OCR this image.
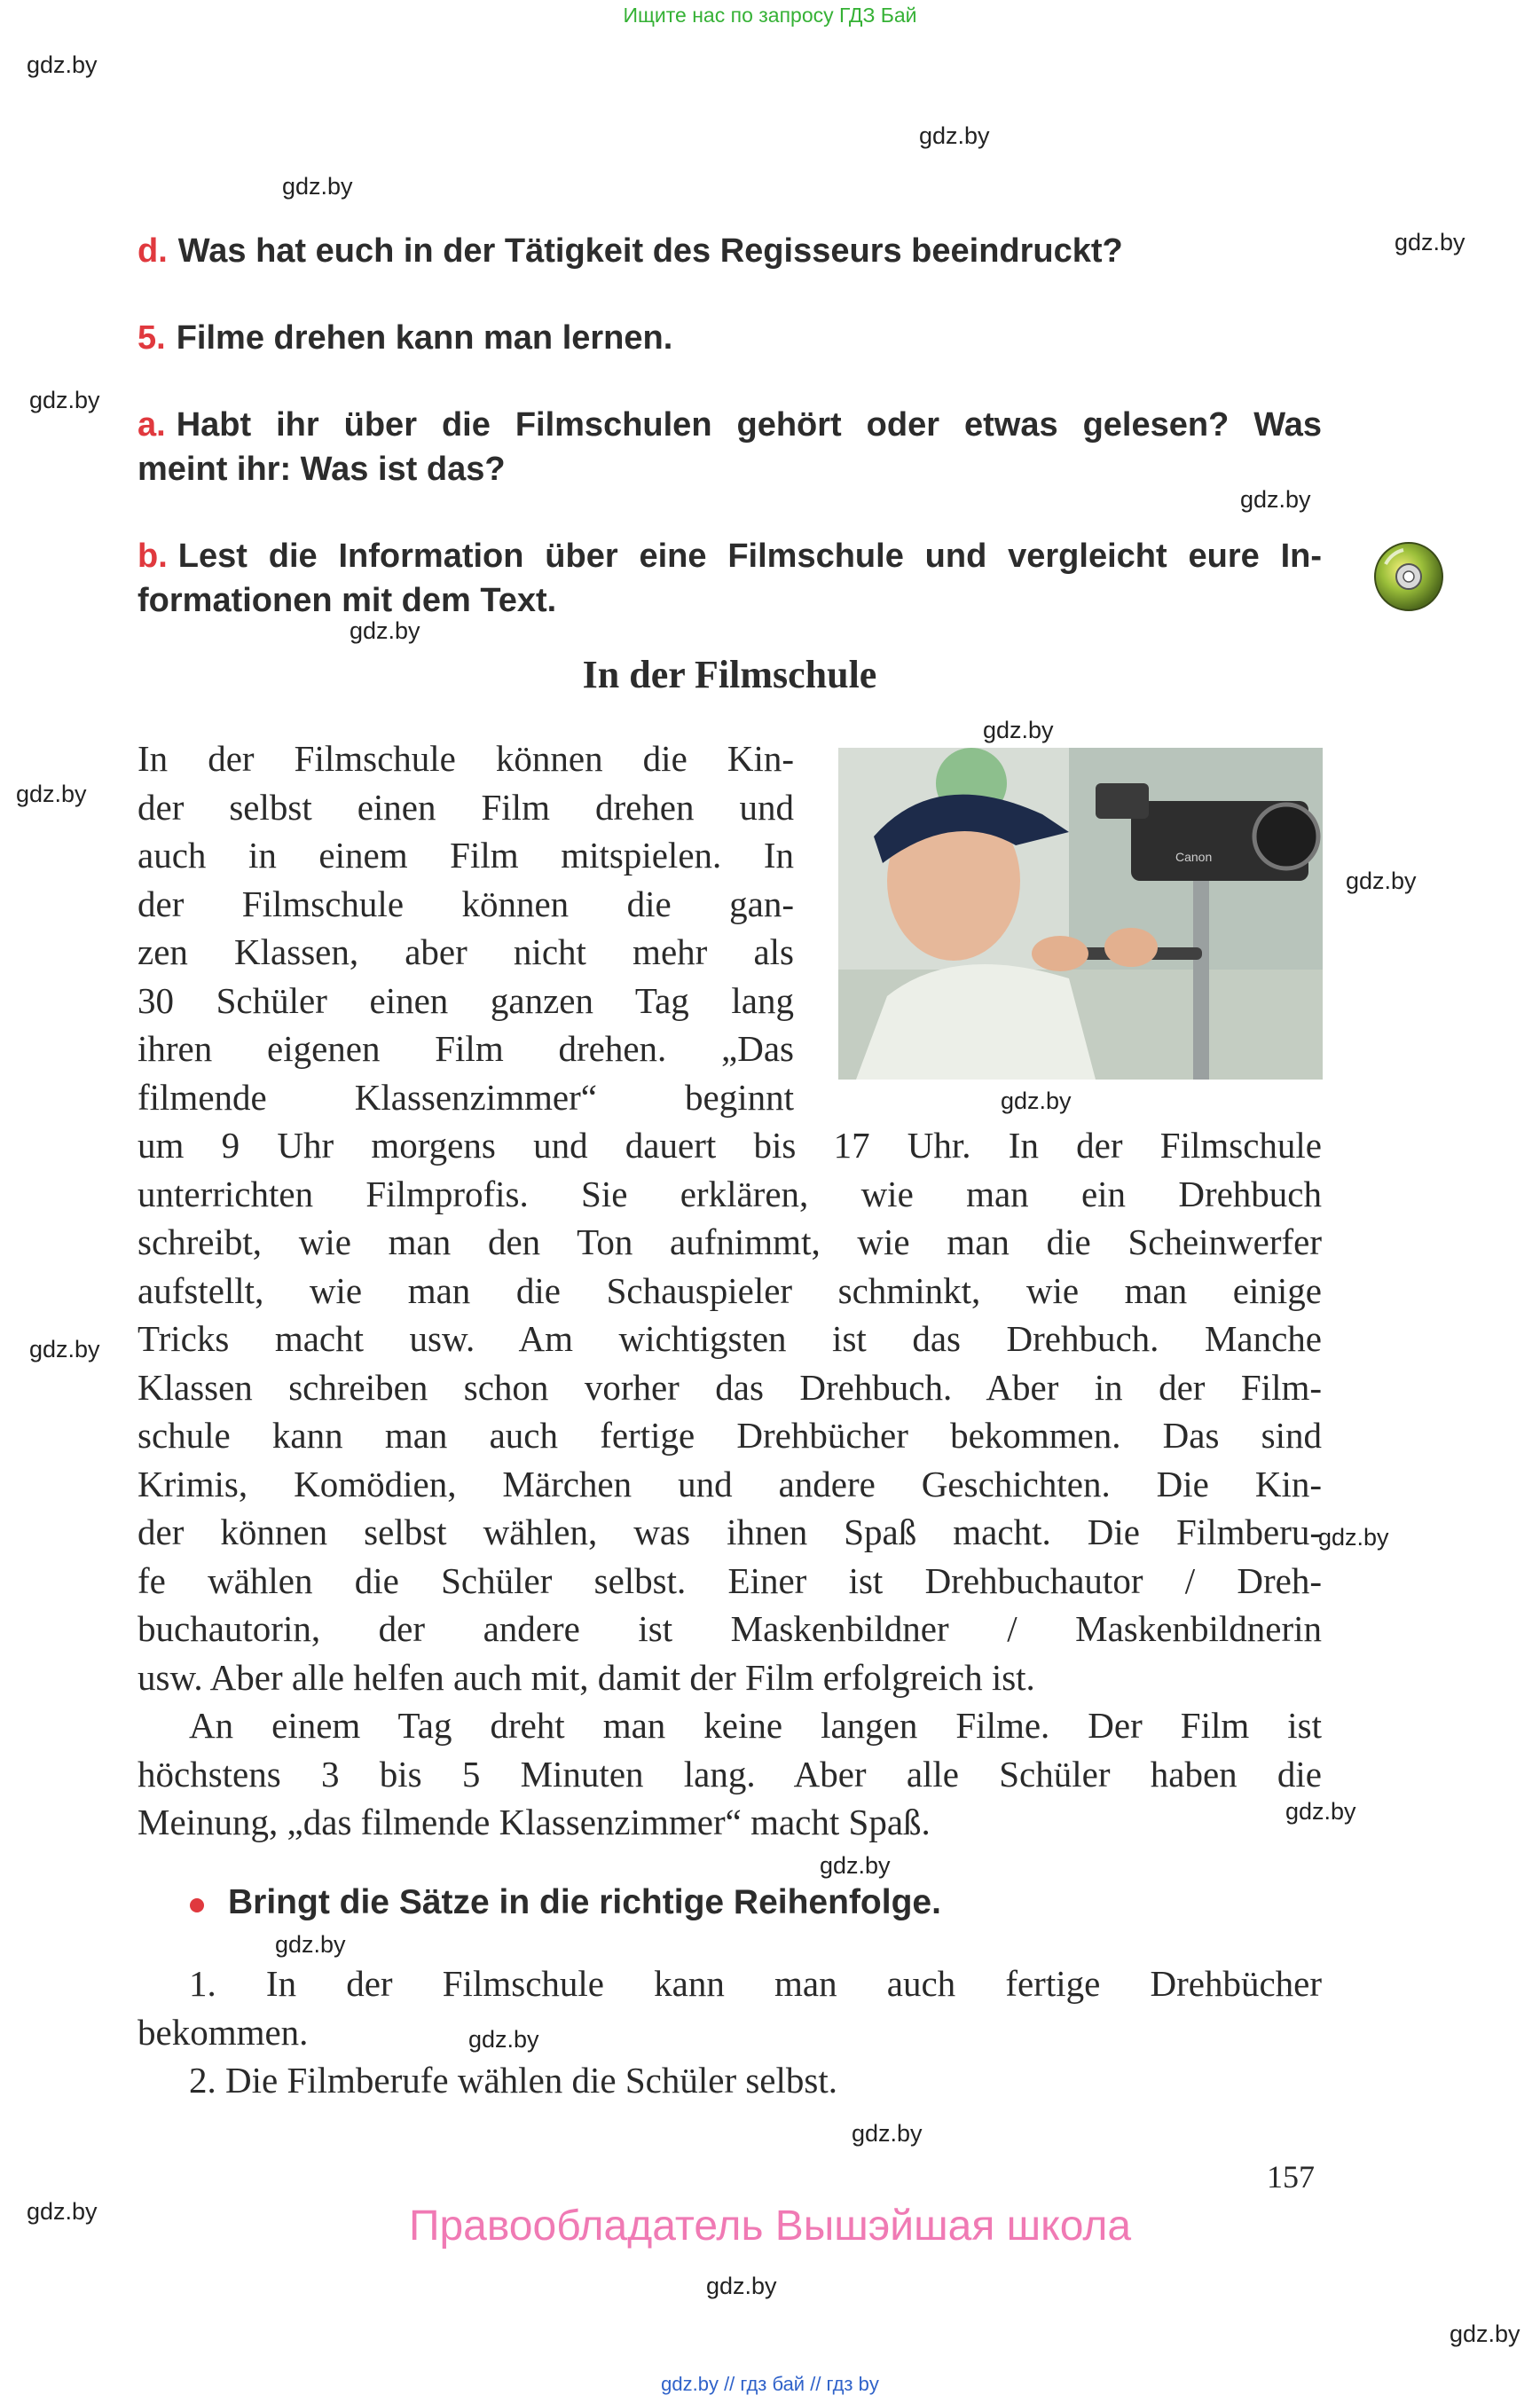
Ищите нас по запросу ГДЗ Бай
gdz.by
gdz.by
gdz.by
gdz.by
gdz.by
gdz.by
gdz.by
gdz.by
gdz.by
gdz.by
gdz.by
gdz.by
gdz.by
gdz.by
gdz.by
gdz.by
gdz.by
gdz.by
gdz.by
gdz.by
gdz.by
d. Was hat euch in der Tätigkeit des Regisseurs beeindruckt?
5. Filme drehen kann man lernen.
a. Habt ihr über die Filmschulen gehört oder etwas gelesen? Was
meint ihr: Was ist das?
b. Lest die Information über eine Filmschule und vergleicht eure In-
formationen mit dem Text.
In der Filmschule
Canon
In der Filmschule können die Kin-
der selbst einen Film drehen und
auch in einem Film mitspielen. In
der Filmschule können die gan-
zen Klassen, aber nicht mehr als
30 Schüler einen ganzen Tag lang
ihren eigenen Film drehen. „Das
filmende Klassenzimmer“ beginnt
um 9 Uhr morgens und dauert bis 17 Uhr. In der Filmschule
unterrichten Filmprofis. Sie erklären, wie man ein Drehbuch
schreibt, wie man den Ton aufnimmt, wie man die Scheinwerfer
aufstellt, wie man die Schauspieler schminkt, wie man einige
Tricks macht usw. Am wichtigsten ist das Drehbuch. Manche
Klassen schreiben schon vorher das Drehbuch. Aber in der Film-
schule kann man auch fertige Drehbücher bekommen. Das sind
Krimis, Komödien, Märchen und andere Geschichten. Die Kin-
der können selbst wählen, was ihnen Spaß macht. Die Filmberu-
fe wählen die Schüler selbst. Einer ist Drehbuchautor / Dreh-
buchautorin, der andere ist Maskenbildner / Maskenbildnerin
usw. Aber alle helfen auch mit, damit der Film erfolgreich ist.
An einem Tag dreht man keine langen Filme. Der Film ist
höchstens 3 bis 5 Minuten lang. Aber alle Schüler haben die
Meinung, „das filmende Klassenzimmer“ macht Spaß.
Bringt die Sätze in die richtige Reihenfolge.
1. In der Filmschule kann man auch fertige Drehbücher
bekommen.
2. Die Filmberufe wählen die Schüler selbst.
157
Правообладатель Вышэйшая школа
gdz.by // гдз бай // гдз by
